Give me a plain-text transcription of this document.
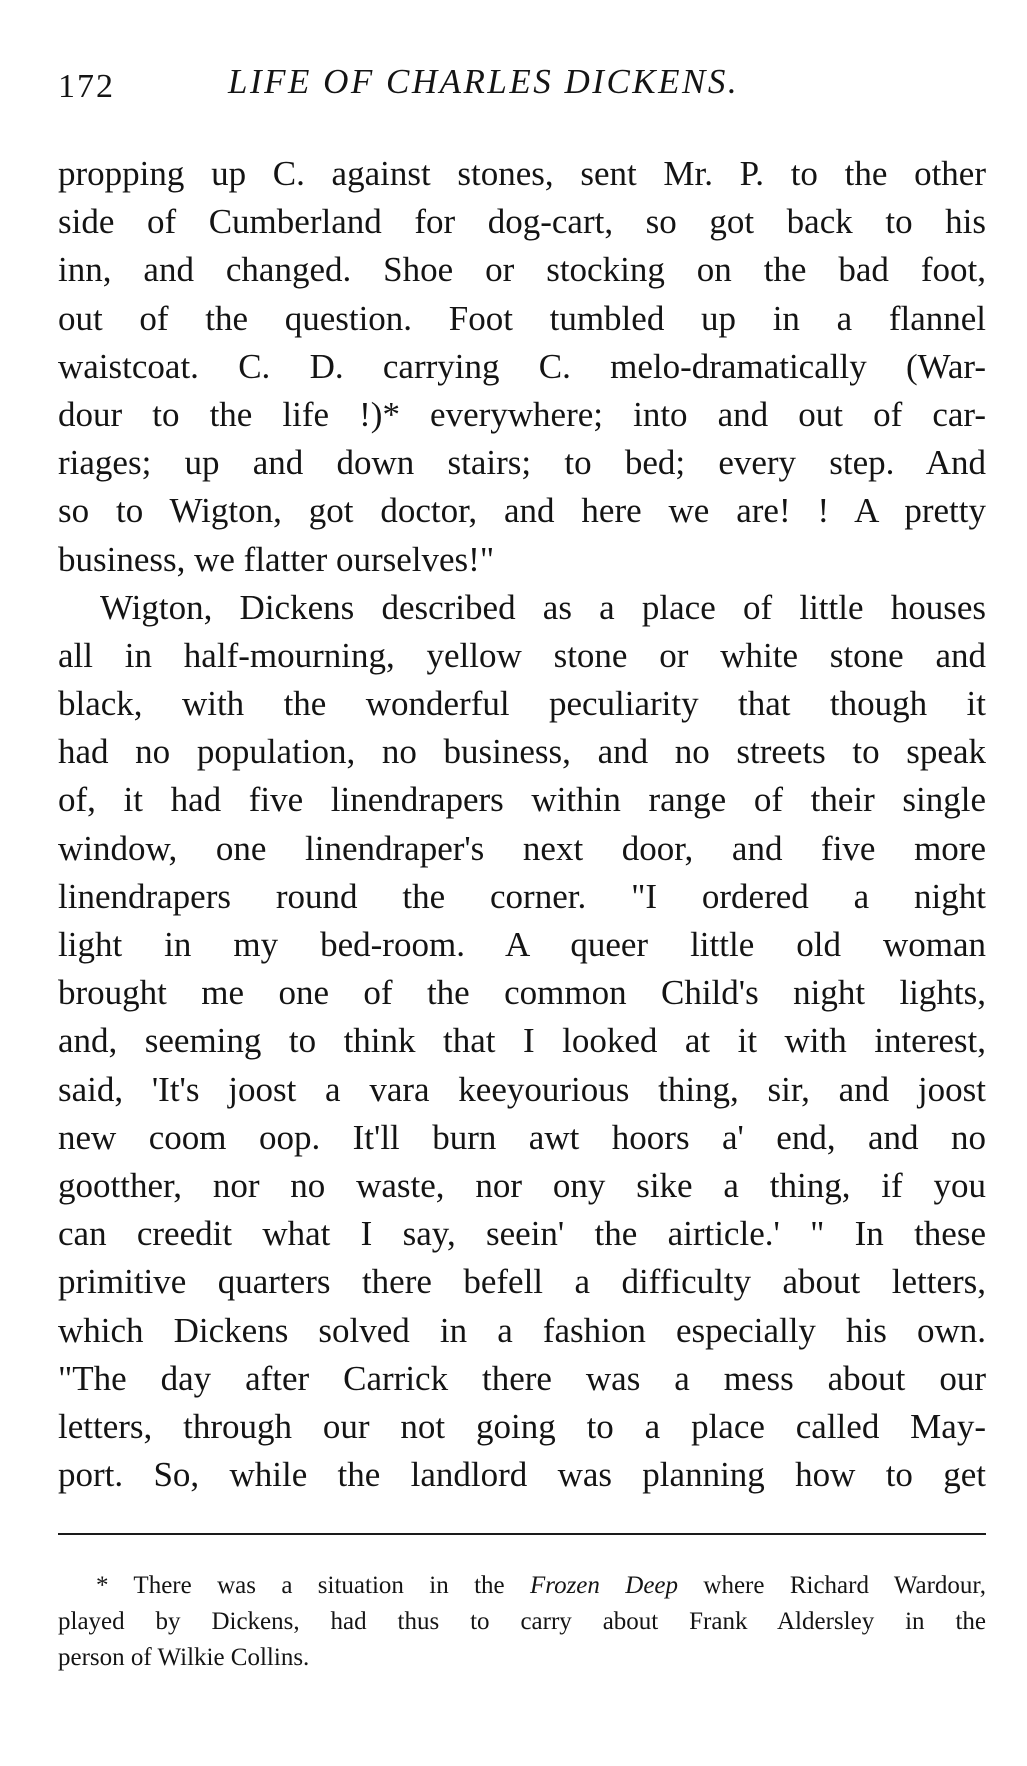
172	LIFE OF CHARLES DICKENS.
propping up C. against stones, sent Mr. P. to the other
side of Cumberland for dog-cart, so got back to his
inn, and changed. Shoe or stocking on the bad foot,
out of the question. Foot tumbled up in a flannel
waistcoat. C. D. carrying C. melo-dramatically (War-
dour to the life !)* everywhere; into and out of car-
riages; up and down stairs; to bed; every step. And
so to Wigton, got doctor, and here we are! ! A pretty
business, we flatter ourselves!"
Wigton, Dickens described as a place of little houses
all in half-mourning, yellow stone or white stone and
black, with the wonderful peculiarity that though it
had no population, no business, and no streets to speak
of, it had five linendrapers within range of their single
window, one linendraper's next door, and five more
linendrapers round the corner. "I ordered a night
light in my bed-room. A queer little old woman
brought me one of the common Child's night lights,
and, seeming to think that I looked at it with interest,
said, 'It's joost a vara keeyourious thing, sir, and joost
new coom oop. It'll burn awt hoors a' end, and no
gootther, nor no waste, nor ony sike a thing, if you
can creedit what I say, seein' the airticle.' " In these
primitive quarters there befell a difficulty about letters,
which Dickens solved in a fashion especially his own.
"The day after Carrick there was a mess about our
letters, through our not going to a place called May-
port. So, while the landlord was planning how to get
* There was a situation in the Frozen Deep where Richard Wardour,
played by Dickens, had thus to carry about Frank Aldersley in the
person of Wilkie Collins.
